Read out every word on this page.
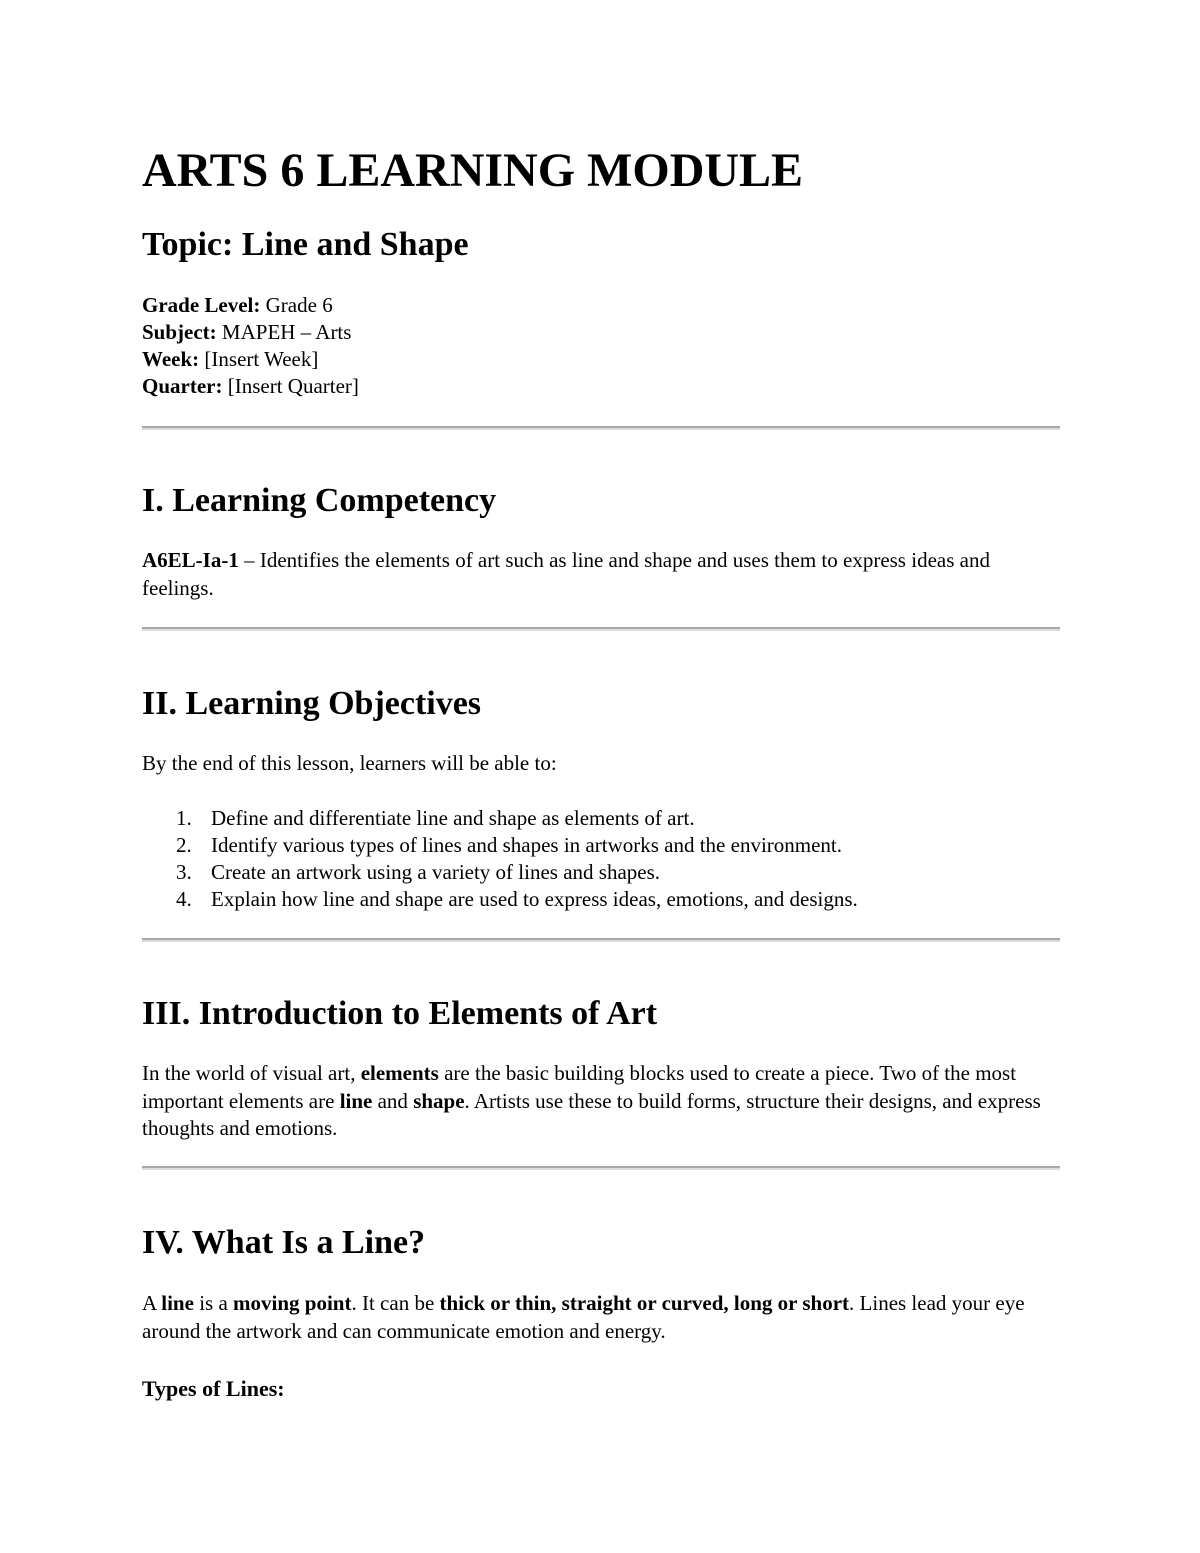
ARTS 6 LEARNING MODULE
Topic: Line and Shape
Grade Level: Grade 6
Subject: MAPEH – Arts
Week: [Insert Week]
Quarter: [Insert Quarter]
I. Learning Competency

A6EL-Ia-1 – Identifies the elements of art such as line and shape and uses them to express ideas and feelings.

II. Learning Objectives

By the end of this lesson, learners will be able to:

1. Define and differentiate line and shape as elements of art.
2. Identify various types of lines and shapes in artworks and the environment.
3. Create an artwork using a variety of lines and shapes.
4. Explain how line and shape are used to express ideas, emotions, and designs.
III. Introduction to Elements of Art

In the world of visual art, elements are the basic building blocks used to create a piece. Two of the most important elements are line and shape. Artists use these to build forms, structure their designs, and express thoughts and emotions.

IV. What Is a Line?

A line is a moving point. It can be thick or thin, straight or curved, long or short. Lines lead your eye around the artwork and can communicate emotion and energy.

Types of Lines:
